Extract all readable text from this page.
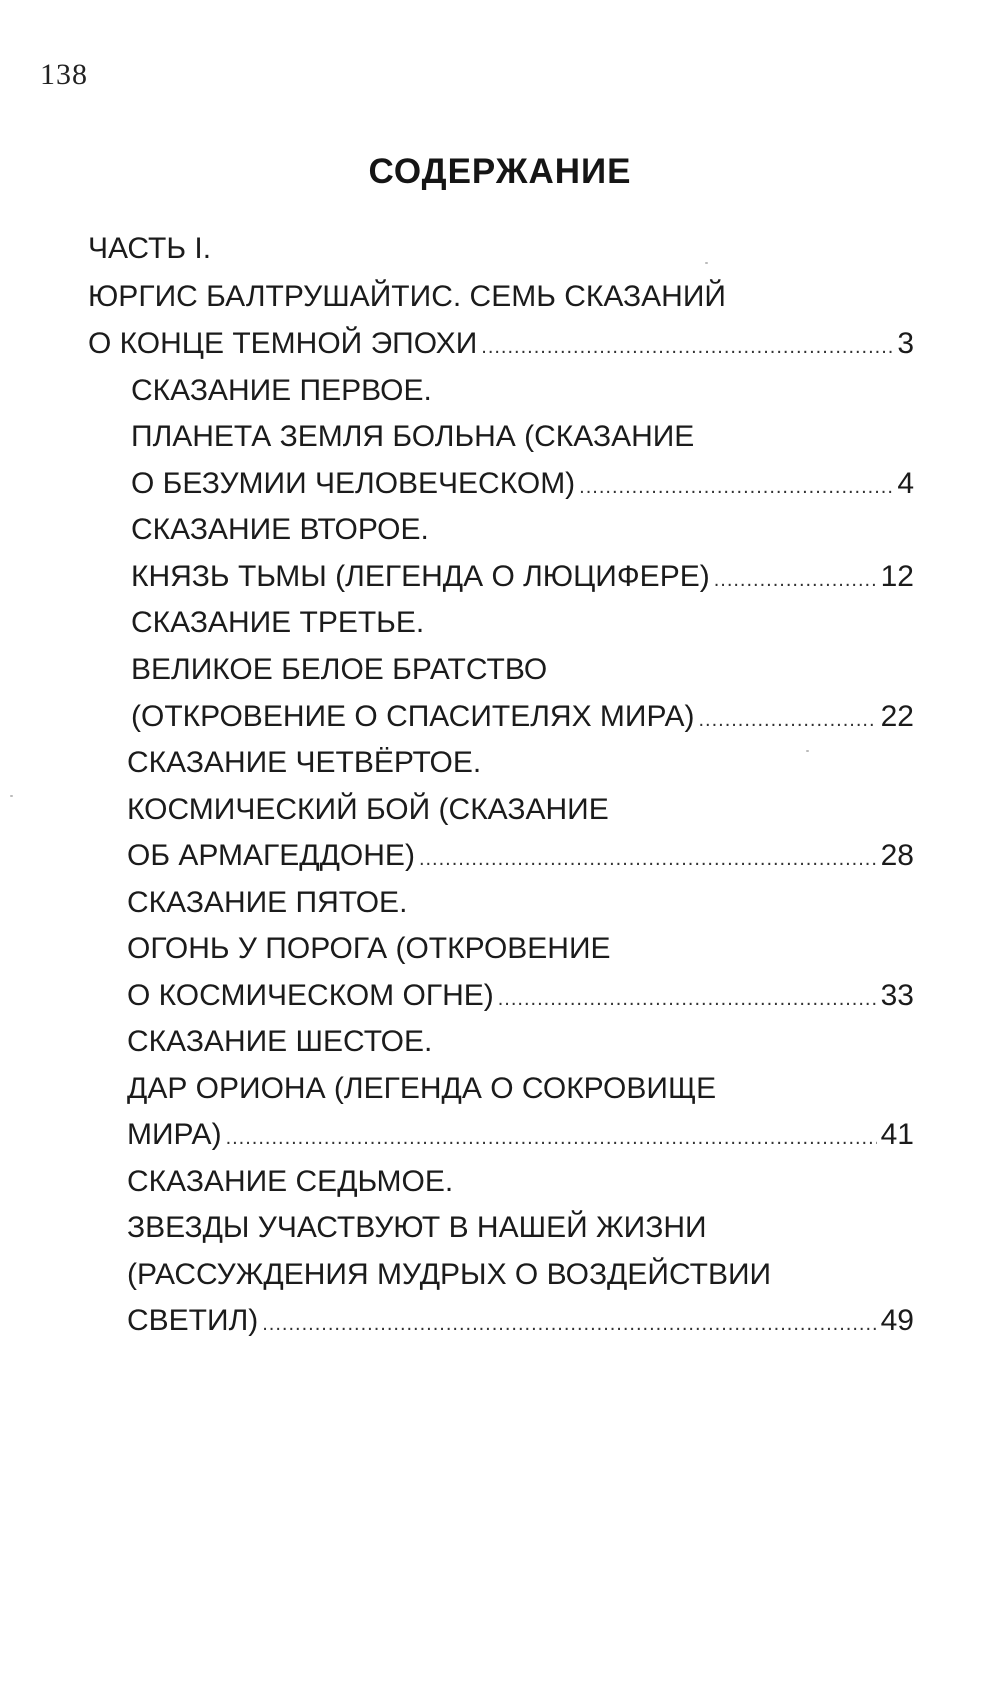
138
СОДЕРЖАНИЕ
ЧАСТЬ I.
ЮРГИС БАЛТРУШАЙТИС. СЕМЬ СКАЗАНИЙ
О КОНЦЕ ТЕМНОЙ ЭПОХИ .....	3
СКАЗАНИЕ ПЕРВОЕ.
ПЛАНЕТА ЗЕМЛЯ БОЛЬНА (СКАЗАНИЕ
О БЕЗУМИИ ЧЕЛОВЕЧЕСКОМ) .....	4
СКАЗАНИЕ ВТОРОЕ.
КНЯЗЬ ТЬМЫ (ЛЕГЕНДА О ЛЮЦИФЕРЕ) .....	12
СКАЗАНИЕ ТРЕТЬЕ.
ВЕЛИКОЕ БЕЛОЕ БРАТСТВО
(ОТКРОВЕНИЕ О СПАСИТЕЛЯХ МИРА) .....	22
СКАЗАНИЕ ЧЕТВЁРТОЕ.
КОСМИЧЕСКИЙ БОЙ (СКАЗАНИЕ
ОБ АРМАГЕДДОНЕ) .....	28
СКАЗАНИЕ ПЯТОЕ.
ОГОНЬ У ПОРОГА (ОТКРОВЕНИЕ
О КОСМИЧЕСКОМ ОГНЕ) .....	33
СКАЗАНИЕ ШЕСТОЕ.
ДАР ОРИОНА (ЛЕГЕНДА О СОКРОВИЩЕ
МИРА) .....	41
СКАЗАНИЕ СЕДЬМОЕ.
ЗВЕЗДЫ УЧАСТВУЮТ В НАШЕЙ ЖИЗНИ
(РАССУЖДЕНИЯ МУДРЫХ О ВОЗДЕЙСТВИИ
СВЕТИЛ) .....	49
